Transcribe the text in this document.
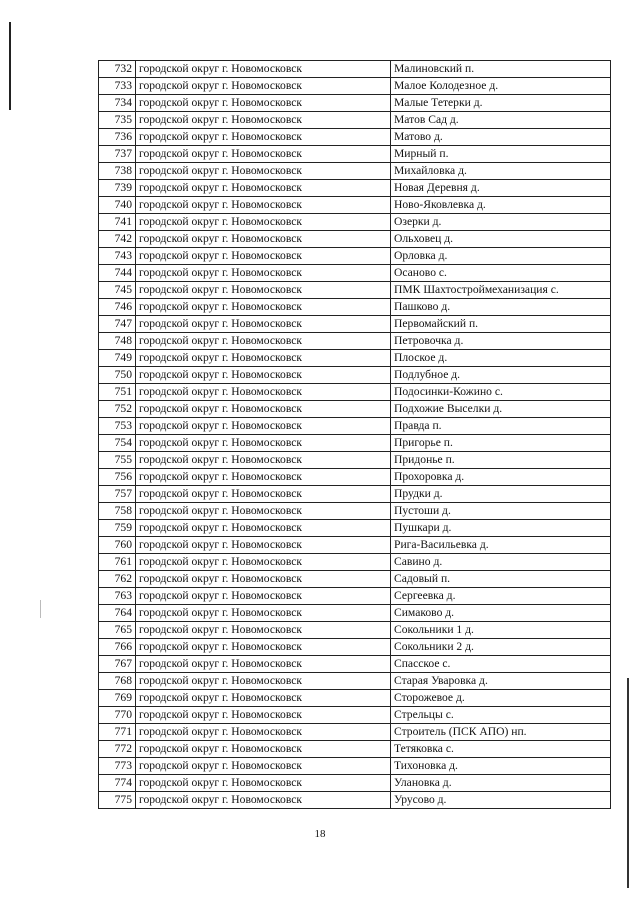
732	городской округ г. Новомосковск	Малиновский п.
733	городской округ г. Новомосковск	Малое Колодезное д.
734	городской округ г. Новомосковск	Малые Тетерки д.
735	городской округ г. Новомосковск	Матов Сад д.
736	городской округ г. Новомосковск	Матово д.
737	городской округ г. Новомосковск	Мирный п.
738	городской округ г. Новомосковск	Михайловка д.
739	городской округ г. Новомосковск	Новая Деревня д.
740	городской округ г. Новомосковск	Ново-Яковлевка д.
741	городской округ г. Новомосковск	Озерки д.
742	городской округ г. Новомосковск	Ольховец д.
743	городской округ г. Новомосковск	Орловка д.
744	городской округ г. Новомосковск	Осаново с.
745	городской округ г. Новомосковск	ПМК Шахтостроймеханизация с.
746	городской округ г. Новомосковск	Пашково д.
747	городской округ г. Новомосковск	Первомайский п.
748	городской округ г. Новомосковск	Петровочка д.
749	городской округ г. Новомосковск	Плоское д.
750	городской округ г. Новомосковск	Подлубное д.
751	городской округ г. Новомосковск	Подосинки-Кожино с.
752	городской округ г. Новомосковск	Подхожие Выселки д.
753	городской округ г. Новомосковск	Правда п.
754	городской округ г. Новомосковск	Пригорье п.
755	городской округ г. Новомосковск	Придонье п.
756	городской округ г. Новомосковск	Прохоровка д.
757	городской округ г. Новомосковск	Прудки д.
758	городской округ г. Новомосковск	Пустоши д.
759	городской округ г. Новомосковск	Пушкари д.
760	городской округ г. Новомосковск	Рига-Васильевка д.
761	городской округ г. Новомосковск	Савино д.
762	городской округ г. Новомосковск	Садовый п.
763	городской округ г. Новомосковск	Сергеевка д.
764	городской округ г. Новомосковск	Симаково д.
765	городской округ г. Новомосковск	Сокольники 1 д.
766	городской округ г. Новомосковск	Сокольники 2 д.
767	городской округ г. Новомосковск	Спасское с.
768	городской округ г. Новомосковск	Старая Уваровка д.
769	городской округ г. Новомосковск	Сторожевое д.
770	городской округ г. Новомосковск	Стрельцы с.
771	городской округ г. Новомосковск	Строитель (ПСК АПО) нп.
772	городской округ г. Новомосковск	Тетяковка с.
773	городской округ г. Новомосковск	Тихоновка д.
774	городской округ г. Новомосковск	Улановка д.
775	городской округ г. Новомосковск	Урусово д.
18
